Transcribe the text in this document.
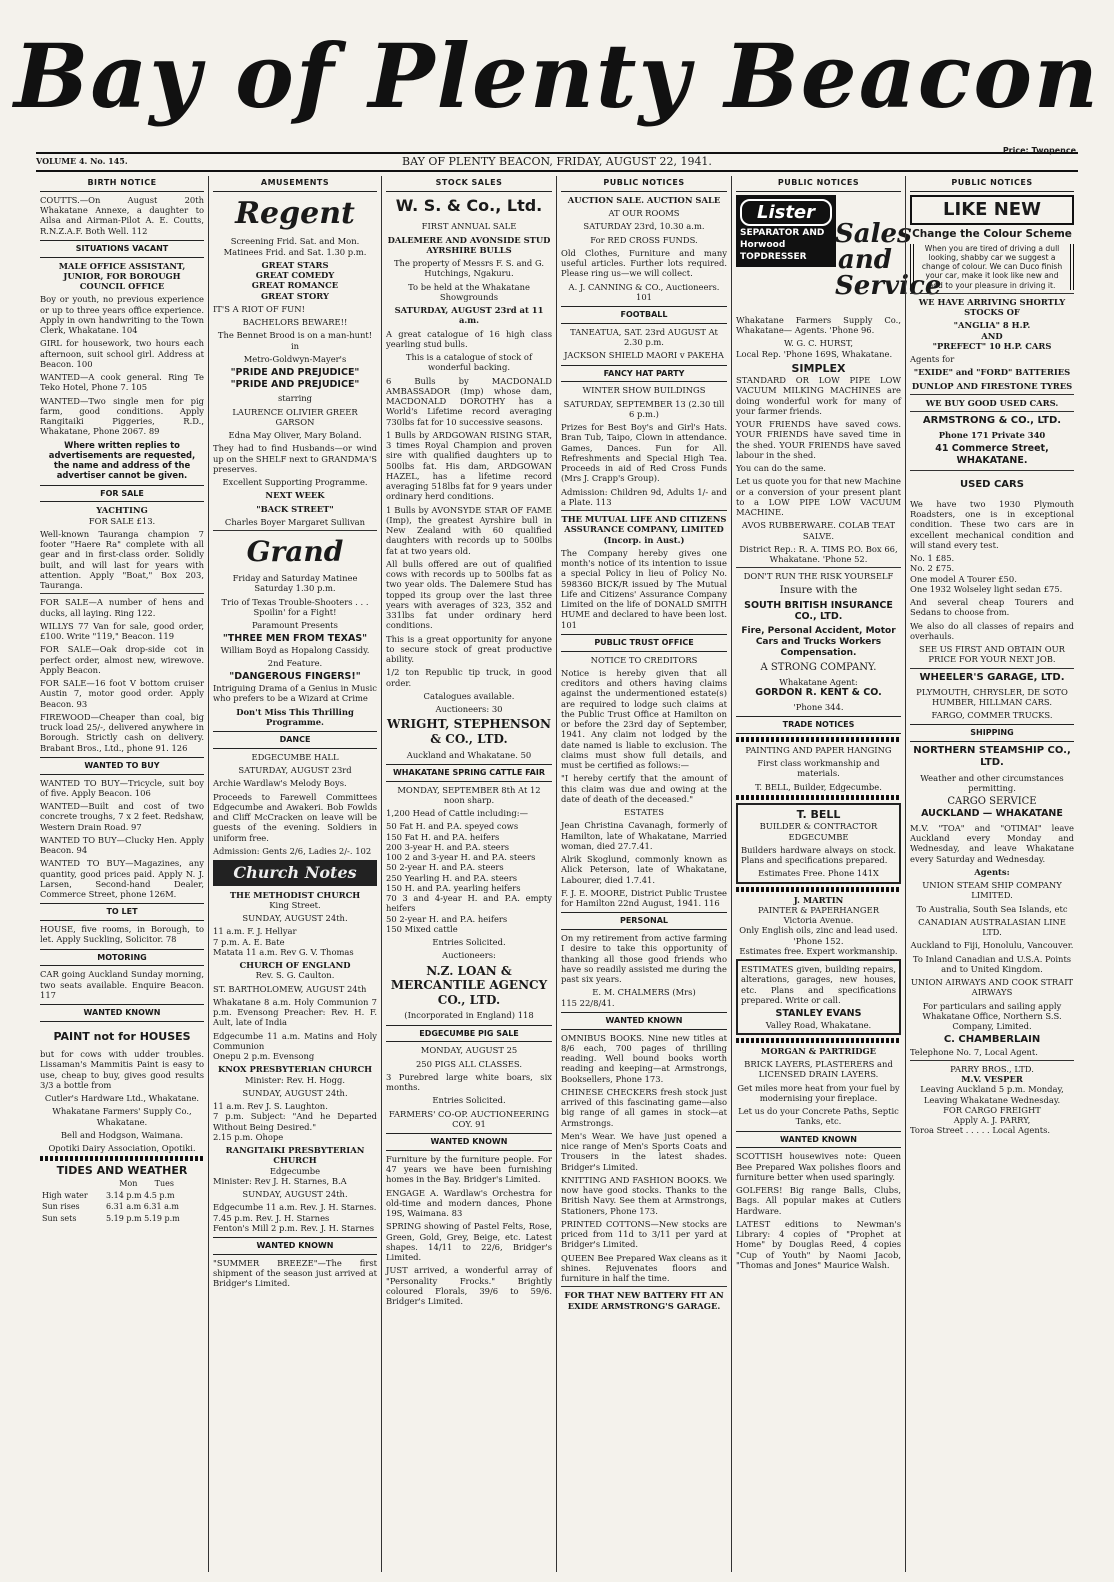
Bay of Plenty Beacon
VOLUME 4. No. 145.	BAY OF PLENTY BEACON, FRIDAY, AUGUST 22, 1941.
Price: Twopence
BIRTH NOTICE

COUTTS.—On August 20th Whakatane Annexe, a daughter to Ailsa and Airman-Pilot A. E. Coutts, R.N.Z.A.F. Both Well. 112

SITUATIONS VACANT

MALE OFFICE ASSISTANT, JUNIOR, FOR BOROUGH COUNCIL OFFICE

Boy or youth, no previous experience or up to three years office experience. Apply in own handwriting to the Town Clerk, Whakatane. 104

GIRL for housework, two hours each afternoon, suit school girl. Address at Beacon. 100

WANTED—A cook general. Ring Te Teko Hotel, Phone 7. 105

WANTED—Two single men for pig farm, good conditions. Apply Rangitaiki Piggeries, R.D., Whakatane, Phone 2067. 89

Where written replies to advertisements are requested, the name and address of the advertiser cannot be given.

FOR SALE
YACHTING

FOR SALE £13.

Well-known Tauranga champion 7 footer "Haere Ra" complete with all gear and in first-class order. Solidly built, and will last for years with attention. Apply "Boat," Box 203, Tauranga.

FOR SALE—A number of hens and ducks, all laying. Ring 122.

WILLYS 77 Van for sale, good order, £100. Write "119," Beacon. 119

FOR SALE—Oak drop-side cot in perfect order, almost new, wirewove. Apply Beacon.

FOR SALE—16 foot V bottom cruiser Austin 7, motor good order. Apply Beacon. 93

FIREWOOD—Cheaper than coal, big truck load 25/-, delivered anywhere in Borough. Strictly cash on delivery. Brabant Bros., Ltd., phone 91. 126

WANTED TO BUY

WANTED TO BUY—Tricycle, suit boy of five. Apply Beacon. 106

WANTED—Built and cost of two concrete troughs, 7 x 2 feet. Redshaw, Western Drain Road. 97

WANTED TO BUY—Clucky Hen. Apply Beacon. 94

WANTED TO BUY—Magazines, any quantity, good prices paid. Apply N. J. Larsen, Second-hand Dealer, Commerce Street, phone 126M.

TO LET

HOUSE, five rooms, in Borough, to let. Apply Suckling, Solicitor. 78

MOTORING

CAR going Auckland Sunday morning, two seats available. Enquire Beacon. 117

WANTED KNOWN

PAINT not for HOUSES

but for cows with udder troubles. Lissaman's Mammitis Paint is easy to use, cheap to buy, gives good results 3/3 a bottle from

Cutler's Hardware Ltd., Whakatane.

Whakatane Farmers' Supply Co., Whakatane.

Bell and Hodgson, Waimana.

Opotiki Dairy Association, Opotiki.

TIDES AND WEATHER
	Mon	Tues
High water	3.14 p.m 4.5 p.m	
Sun rises	6.31 a.m 6.31 a.m	
Sun sets	5.19 p.m 5.19 p.m	
AMUSEMENTS
Regent

Screening Frid. Sat. and Mon. Matinees Frid. and Sat. 1.30 p.m.

GREAT STARS

GREAT COMEDY

GREAT ROMANCE

GREAT STORY

IT'S A RIOT OF FUN!

BACHELORS BEWARE!!

The Bennet Brood is on a man-hunt! in

Metro-Goldwyn-Mayer's

"PRIDE AND PREJUDICE"

"PRIDE AND PREJUDICE"

starring

LAURENCE OLIVIER GREER GARSON

Edna May Oliver, Mary Boland.

They had to find Husbands—or wind up on the SHELF next to GRANDMA'S preserves.

Excellent Supporting Programme.

NEXT WEEK

"BACK STREET"

Charles Boyer Margaret Sullivan

Grand

Friday and Saturday Matinee Saturday 1.30 p.m.

Trio of Texas Trouble-Shooters . . . Spoilin' for a Fight!

Paramount Presents

"THREE MEN FROM TEXAS"

William Boyd as Hopalong Cassidy.

2nd Feature.

"DANGEROUS FINGERS!"

Intriguing Drama of a Genius in Music who prefers to be a Wizard at Crime

Don't Miss This Thrilling Programme.

DANCE

EDGECUMBE HALL

SATURDAY, AUGUST 23rd

Archie Wardlaw's Melody Boys.

Proceeds to Farewell Committees Edgecumbe and Awakeri. Bob Fowlds and Cliff McCracken on leave will be guests of the evening. Soldiers in uniform free.

Admission: Gents 2/6, Ladies 2/-. 102

Church Notes

THE METHODIST CHURCH

King Street.

SUNDAY, AUGUST 24th.

11 a.m. F. J. Hellyar

7 p.m. A. E. Bate

Matata 11 a.m. Rev G. V. Thomas

CHURCH OF ENGLAND

Rev. S. G. Caulton.

ST. BARTHOLOMEW, AUGUST 24th

Whakatane 8 a.m. Holy Communion 7 p.m. Evensong Preacher: Rev. H. F. Ault, late of India

Edgecumbe 11 a.m. Matins and Holy Communion

Onepu 2 p.m. Evensong

KNOX PRESBYTERIAN CHURCH

Minister: Rev. H. Hogg.

SUNDAY, AUGUST 24th.

11 a.m. Rev J. S. Laughton.

7 p.m. Subject: "And he Departed Without Being Desired."

2.15 p.m. Ohope

RANGITAIKI PRESBYTERIAN CHURCH

Edgecumbe

Minister: Rev J. H. Starnes, B.A

SUNDAY, AUGUST 24th.

Edgecumbe 11 a.m. Rev. J. H. Starnes.

7.45 p.m. Rev. J. H. Starnes

Fenton's Mill 2 p.m. Rev. J. H. Starnes

WANTED KNOWN

"SUMMER BREEZE"—The first shipment of the season just arrived at Bridger's Limited.

STOCK SALES
W. S. & Co., Ltd.

FIRST ANNUAL SALE

DALEMERE AND AVONSIDE STUD AYRSHIRE BULLS

The property of Messrs F. S. and G. Hutchings, Ngakuru.

To be held at the Whakatane Showgrounds

SATURDAY, AUGUST 23rd at 11 a.m.

A great catalogue of 16 high class yearling stud bulls.

This is a catalogue of stock of wonderful backing.

6 Bulls by MACDONALD AMBASSADOR (Imp) whose dam, MACDONALD DOROTHY has a World's Lifetime record averaging 730lbs fat for 10 successive seasons.

1 Bulls by ARDGOWAN RISING STAR, 3 times Royal Champion and proven sire with qualified daughters up to 500lbs fat. His dam, ARDGOWAN HAZEL, has a lifetime record averaging 518lbs fat for 9 years under ordinary herd conditions.

1 Bulls by AVONSYDE STAR OF FAME (Imp), the greatest Ayrshire bull in New Zealand with 60 qualified daughters with records up to 500lbs fat at two years old.

All bulls offered are out of qualified cows with records up to 500lbs fat as two year olds. The Dalemere Stud has topped its group over the last three years with averages of 323, 352 and 331lbs fat under ordinary herd conditions.

This is a great opportunity for anyone to secure stock of great productive ability.

1/2 ton Republic tip truck, in good order.

Catalogues available.

Auctioneers: 30

WRIGHT, STEPHENSON & CO., LTD.

Auckland and Whakatane. 50

WHAKATANE SPRING CATTLE FAIR

MONDAY, SEPTEMBER 8th At 12 noon sharp.

1,200 Head of Cattle including:—

50 Fat H. and P.A. speyed cows

150 Fat H. and P.A. heifers

200 3-year H. and P.A. steers

100 2 and 3-year H. and P.A. steers

50 2-year H. and P.A. steers

250 Yearling H. and P.A. steers

150 H. and P.A. yearling heifers

70 3 and 4-year H. and P.A. empty heifers

50 2-year H. and P.A. heifers

150 Mixed cattle

Entries Solicited.

Auctioneers:

N.Z. LOAN & MERCANTILE AGENCY CO., LTD.

(Incorporated in England) 118

EDGECUMBE PIG SALE

MONDAY, AUGUST 25

250 PIGS ALL CLASSES.

3 Purebred large white boars, six months.

Entries Solicited.

FARMERS' CO-OP. AUCTIONEERING COY. 91

WANTED KNOWN

Furniture by the furniture people. For 47 years we have been furnishing homes in the Bay. Bridger's Limited.

ENGAGE A. Wardlaw's Orchestra for old-time and modern dances, Phone 19S, Waimana. 83

SPRING showing of Pastel Felts, Rose, Green, Gold, Grey, Beige, etc. Latest shapes. 14/11 to 22/6, Bridger's Limited.

JUST arrived, a wonderful array of "Personality Frocks." Brightly coloured Florals, 39/6 to 59/6. Bridger's Limited.

PUBLIC NOTICES

AUCTION SALE. AUCTION SALE

AT OUR ROOMS

SATURDAY 23rd, 10.30 a.m.

For RED CROSS FUNDS.

Old Clothes, Furniture and many useful articles. Further lots required. Please ring us—we will collect.

A. J. CANNING & CO., Auctioneers. 101

FOOTBALL

TANEATUA, SAT. 23rd AUGUST At 2.30 p.m.

JACKSON SHIELD MAORI v PAKEHA

FANCY HAT PARTY

WINTER SHOW BUILDINGS

SATURDAY, SEPTEMBER 13 (2.30 till 6 p.m.)

Prizes for Best Boy's and Girl's Hats. Bran Tub, Taipo, Clown in attendance. Games, Dances. Fun for All. Refreshments and Special High Tea. Proceeds in aid of Red Cross Funds (Mrs J. Crapp's Group).

Admission: Children 9d, Adults 1/- and a Plate. 113

THE MUTUAL LIFE AND CITIZENS ASSURANCE COMPANY, LIMITED (Incorp. in Aust.)

The Company hereby gives one month's notice of its intention to issue a special Policy in lieu of Policy No. 598360 BICK/R issued by The Mutual Life and Citizens' Assurance Company Limited on the life of DONALD SMITH HUME and declared to have been lost. 101

PUBLIC TRUST OFFICE

NOTICE TO CREDITORS

Notice is hereby given that all creditors and others having claims against the undermentioned estate(s) are required to lodge such claims at the Public Trust Office at Hamilton on or before the 23rd day of September, 1941. Any claim not lodged by the date named is liable to exclusion. The claims must show full details, and must be certified as follows:—

"I hereby certify that the amount of this claim was due and owing at the date of death of the deceased."

ESTATES

Jean Christina Cavanagh, formerly of Hamilton, late of Whakatane, Married woman, died 27.7.41.

Alrik Skoglund, commonly known as Alick Peterson, late of Whakatane, Labourer, died 1.7.41.

F. J. E. MOORE, District Public Trustee for Hamilton 22nd August, 1941. 116

PERSONAL

On my retirement from active farming I desire to take this opportunity of thanking all those good friends who have so readily assisted me during the past six years.

E. M. CHALMERS (Mrs)

115 22/8/41.

WANTED KNOWN

OMNIBUS BOOKS. Nine new titles at 8/6 each, 700 pages of thrilling reading. Well bound books worth reading and keeping—at Armstrongs, Booksellers, Phone 173.

CHINESE CHECKERS fresh stock just arrived of this fascinating game—also big range of all games in stock—at Armstrongs.

Men's Wear. We have just opened a nice range of Men's Sports Coats and Trousers in the latest shades. Bridger's Limited.

KNITTING AND FASHION BOOKS. We now have good stocks. Thanks to the British Navy. See them at Armstrongs, Stationers, Phone 173.

PRINTED COTTONS—New stocks are priced from 11d to 3/11 per yard at Bridger's Limited.

QUEEN Bee Prepared Wax cleans as it shines. Rejuvenates floors and furniture in half the time.

FOR THAT NEW BATTERY FIT AN EXIDE ARMSTRONG'S GARAGE.

PUBLIC NOTICES
Lister
SEPARATOR AND Horwood TOPDRESSER
Sales and Service

Whakatane Farmers Supply Co., Whakatane— Agents. 'Phone 96.

W. G. C. HURST,

Local Rep. 'Phone 169S, Whakatane.

SIMPLEX

STANDARD OR LOW PIPE LOW VACUUM MILKING MACHINES are doing wonderful work for many of your farmer friends.

YOUR FRIENDS have saved cows. YOUR FRIENDS have saved time in the shed. YOUR FRIENDS have saved labour in the shed.

You can do the same.

Let us quote you for that new Machine or a conversion of your present plant to a LOW PIPE LOW VACUUM MACHINE.

AVOS RUBBERWARE. COLAB TEAT SALVE.

District Rep.: R. A. TIMS P.O. Box 66, Whakatane. 'Phone 52.

DON'T RUN THE RISK YOURSELF

Insure with the

SOUTH BRITISH INSURANCE CO., LTD.

Fire, Personal Accident, Motor Cars and Trucks Workers Compensation.

A STRONG COMPANY.

Whakatane Agent:

GORDON R. KENT & CO.

'Phone 344.

TRADE NOTICES

PAINTING AND PAPER HANGING

First class workmanship and materials.

T. BELL, Builder, Edgecumbe.

T. BELL

BUILDER & CONTRACTOR EDGECUMBE

Builders hardware always on stock. Plans and specifications prepared.

Estimates Free. Phone 141X

J. MARTIN

PAINTER & PAPERHANGER

Victoria Avenue.

Only English oils, zinc and lead used.

'Phone 152.

Estimates free. Expert workmanship.

ESTIMATES given, building repairs, alterations, garages, new houses, etc. Plans and specifications prepared. Write or call.

STANLEY EVANS

Valley Road, Whakatane.

MORGAN & PARTRIDGE

BRICK LAYERS, PLASTERERS and LICENSED DRAIN LAYERS.

Get miles more heat from your fuel by modernising your fireplace.

Let us do your Concrete Paths, Septic Tanks, etc.

WANTED KNOWN

SCOTTISH housewives note: Queen Bee Prepared Wax polishes floors and furniture better when used sparingly.

GOLFERS! Big range Balls, Clubs, Bags. All popular makes at Cutlers Hardware.

LATEST editions to Newman's Library: 4 copies of "Prophet at Home" by Douglas Reed, 4 copies "Cup of Youth" by Naomi Jacob, "Thomas and Jones" Maurice Walsh.

PUBLIC NOTICES
LIKE NEW

Change the Colour Scheme

When you are tired of driving a dull looking, shabby car we suggest a change of colour. We can Duco finish your car, make it look like new and add to your pleasure in driving it.

WE HAVE ARRIVING SHORTLY STOCKS OF

"ANGLIA" 8 H.P.

AND

"PREFECT" 10 H.P. CARS

Agents for

"EXIDE" and "FORD" BATTERIES

DUNLOP AND FIRESTONE TYRES

WE BUY GOOD USED CARS.

ARMSTRONG & CO., LTD.

Phone 171 Private 340

41 Commerce Street, WHAKATANE.

USED CARS

We have two 1930 Plymouth Roadsters, one is in exceptional condition. These two cars are in excellent mechanical condition and will stand every test.

No. 1 £85.

No. 2 £75.

One model A Tourer £50.

One 1932 Wolseley light sedan £75.

And several cheap Tourers and Sedans to choose from.

We also do all classes of repairs and overhauls.

SEE US FIRST AND OBTAIN OUR PRICE FOR YOUR NEXT JOB.

WHEELER'S GARAGE, LTD.

PLYMOUTH, CHRYSLER, DE SOTO HUMBER, HILLMAN CARS.

FARGO, COMMER TRUCKS.

SHIPPING

NORTHERN STEAMSHIP CO., LTD.

Weather and other circumstances permitting.

CARGO SERVICE

AUCKLAND — WHAKATANE

M.V. "TOA" and "OTIMAI" leave Auckland every Monday and Wednesday, and leave Whakatane every Saturday and Wednesday.

Agents:

UNION STEAM SHIP COMPANY LIMITED.

To Australia, South Sea Islands, etc

CANADIAN AUSTRALASIAN LINE LTD.

Auckland to Fiji, Honolulu, Vancouver.

To Inland Canadian and U.S.A. Points and to United Kingdom.

UNION AIRWAYS AND COOK STRAIT AIRWAYS

For particulars and sailing apply Whakatane Office, Northern S.S. Company, Limited.

C. CHAMBERLAIN

Telephone No. 7, Local Agent.

PARRY BROS., LTD.

M.V. VESPER

Leaving Auckland 5 p.m. Monday, Leaving Whakatane Wednesday.

FOR CARGO FREIGHT

Apply A. J. PARRY,

Toroa Street . . . . . Local Agents.
